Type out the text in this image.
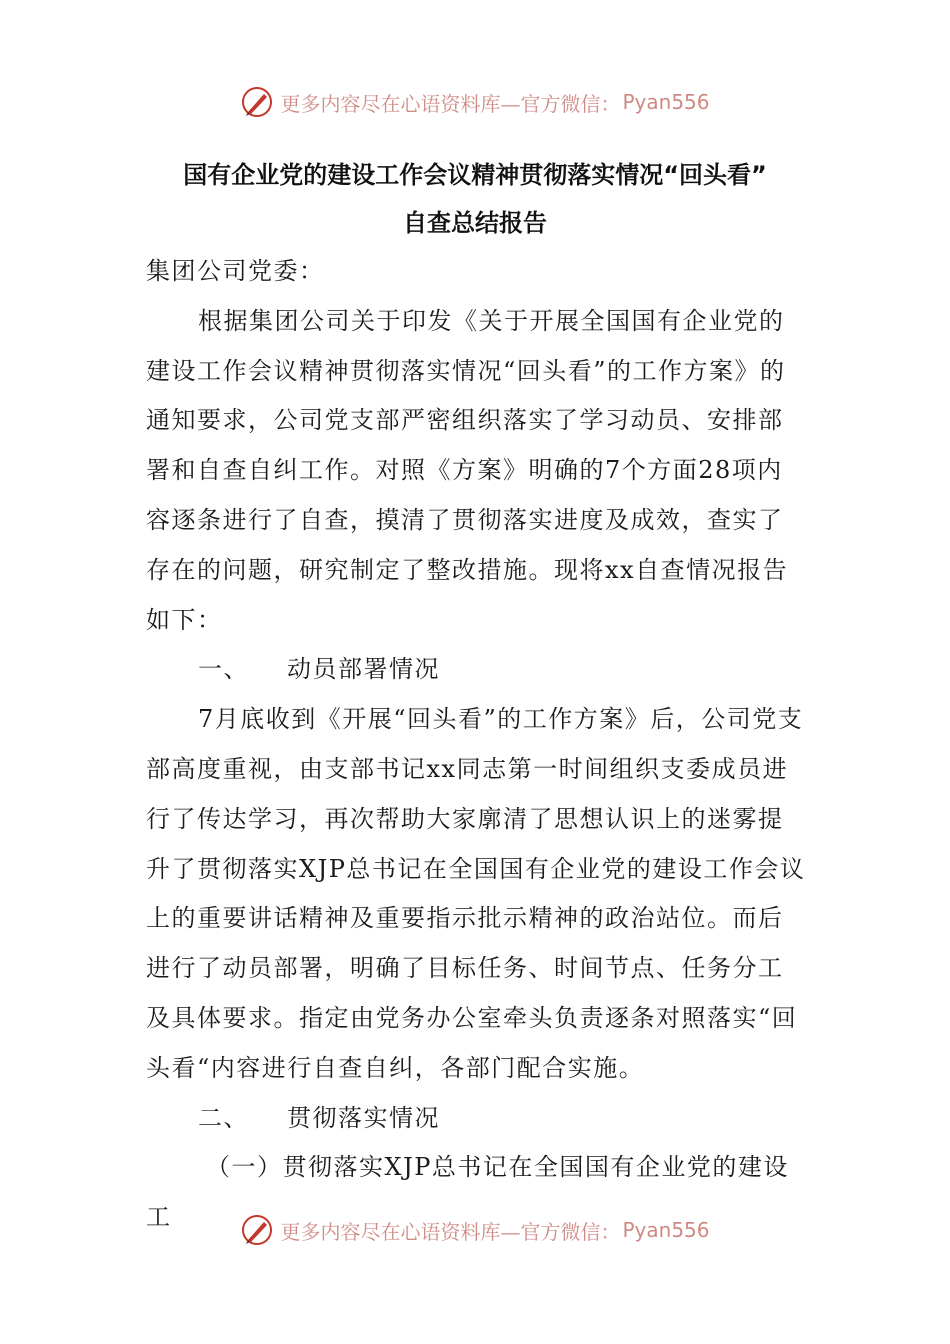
更多内容尽在心语资料库—官方微信： Pyan556
国有企业党的建设工作会议精神贯彻落实情况“回头看”
自查总结报告

集团公司党委：

根据集团公司关于印发《关于开展全国国有企业党的建设工作会议精神贯彻落实情况“回头看”的工作方案》的通知要求，公司党支部严密组织落实了学习动员、安排部署和自查自纠工作。对照《方案》明确的7个方面28项内容逐条进行了自查，摸清了贯彻落实进度及成效，查实了存在的问题，研究制定了整改措施。现将xx自查情况报告如下：

一、 动员部署情况

7月底收到《开展“回头看”的工作方案》后，公司党支部高度重视，由支部书记xx同志第一时间组织支委成员进行了传达学习，再次帮助大家廓清了思想认识上的迷雾提升了贯彻落实XJP总书记在全国国有企业党的建设工作会议上的重要讲话精神及重要指示批示精神的政治站位。而后进行了动员部署，明确了目标任务、时间节点、任务分工及具体要求。指定由党务办公室牵头负责逐条对照落实“回头看“内容进行自查自纠，各部门配合实施。

二、 贯彻落实情况

（一）贯彻落实XJP总书记在全国国有企业党的建设工

更多内容尽在心语资料库—官方微信： Pyan556
